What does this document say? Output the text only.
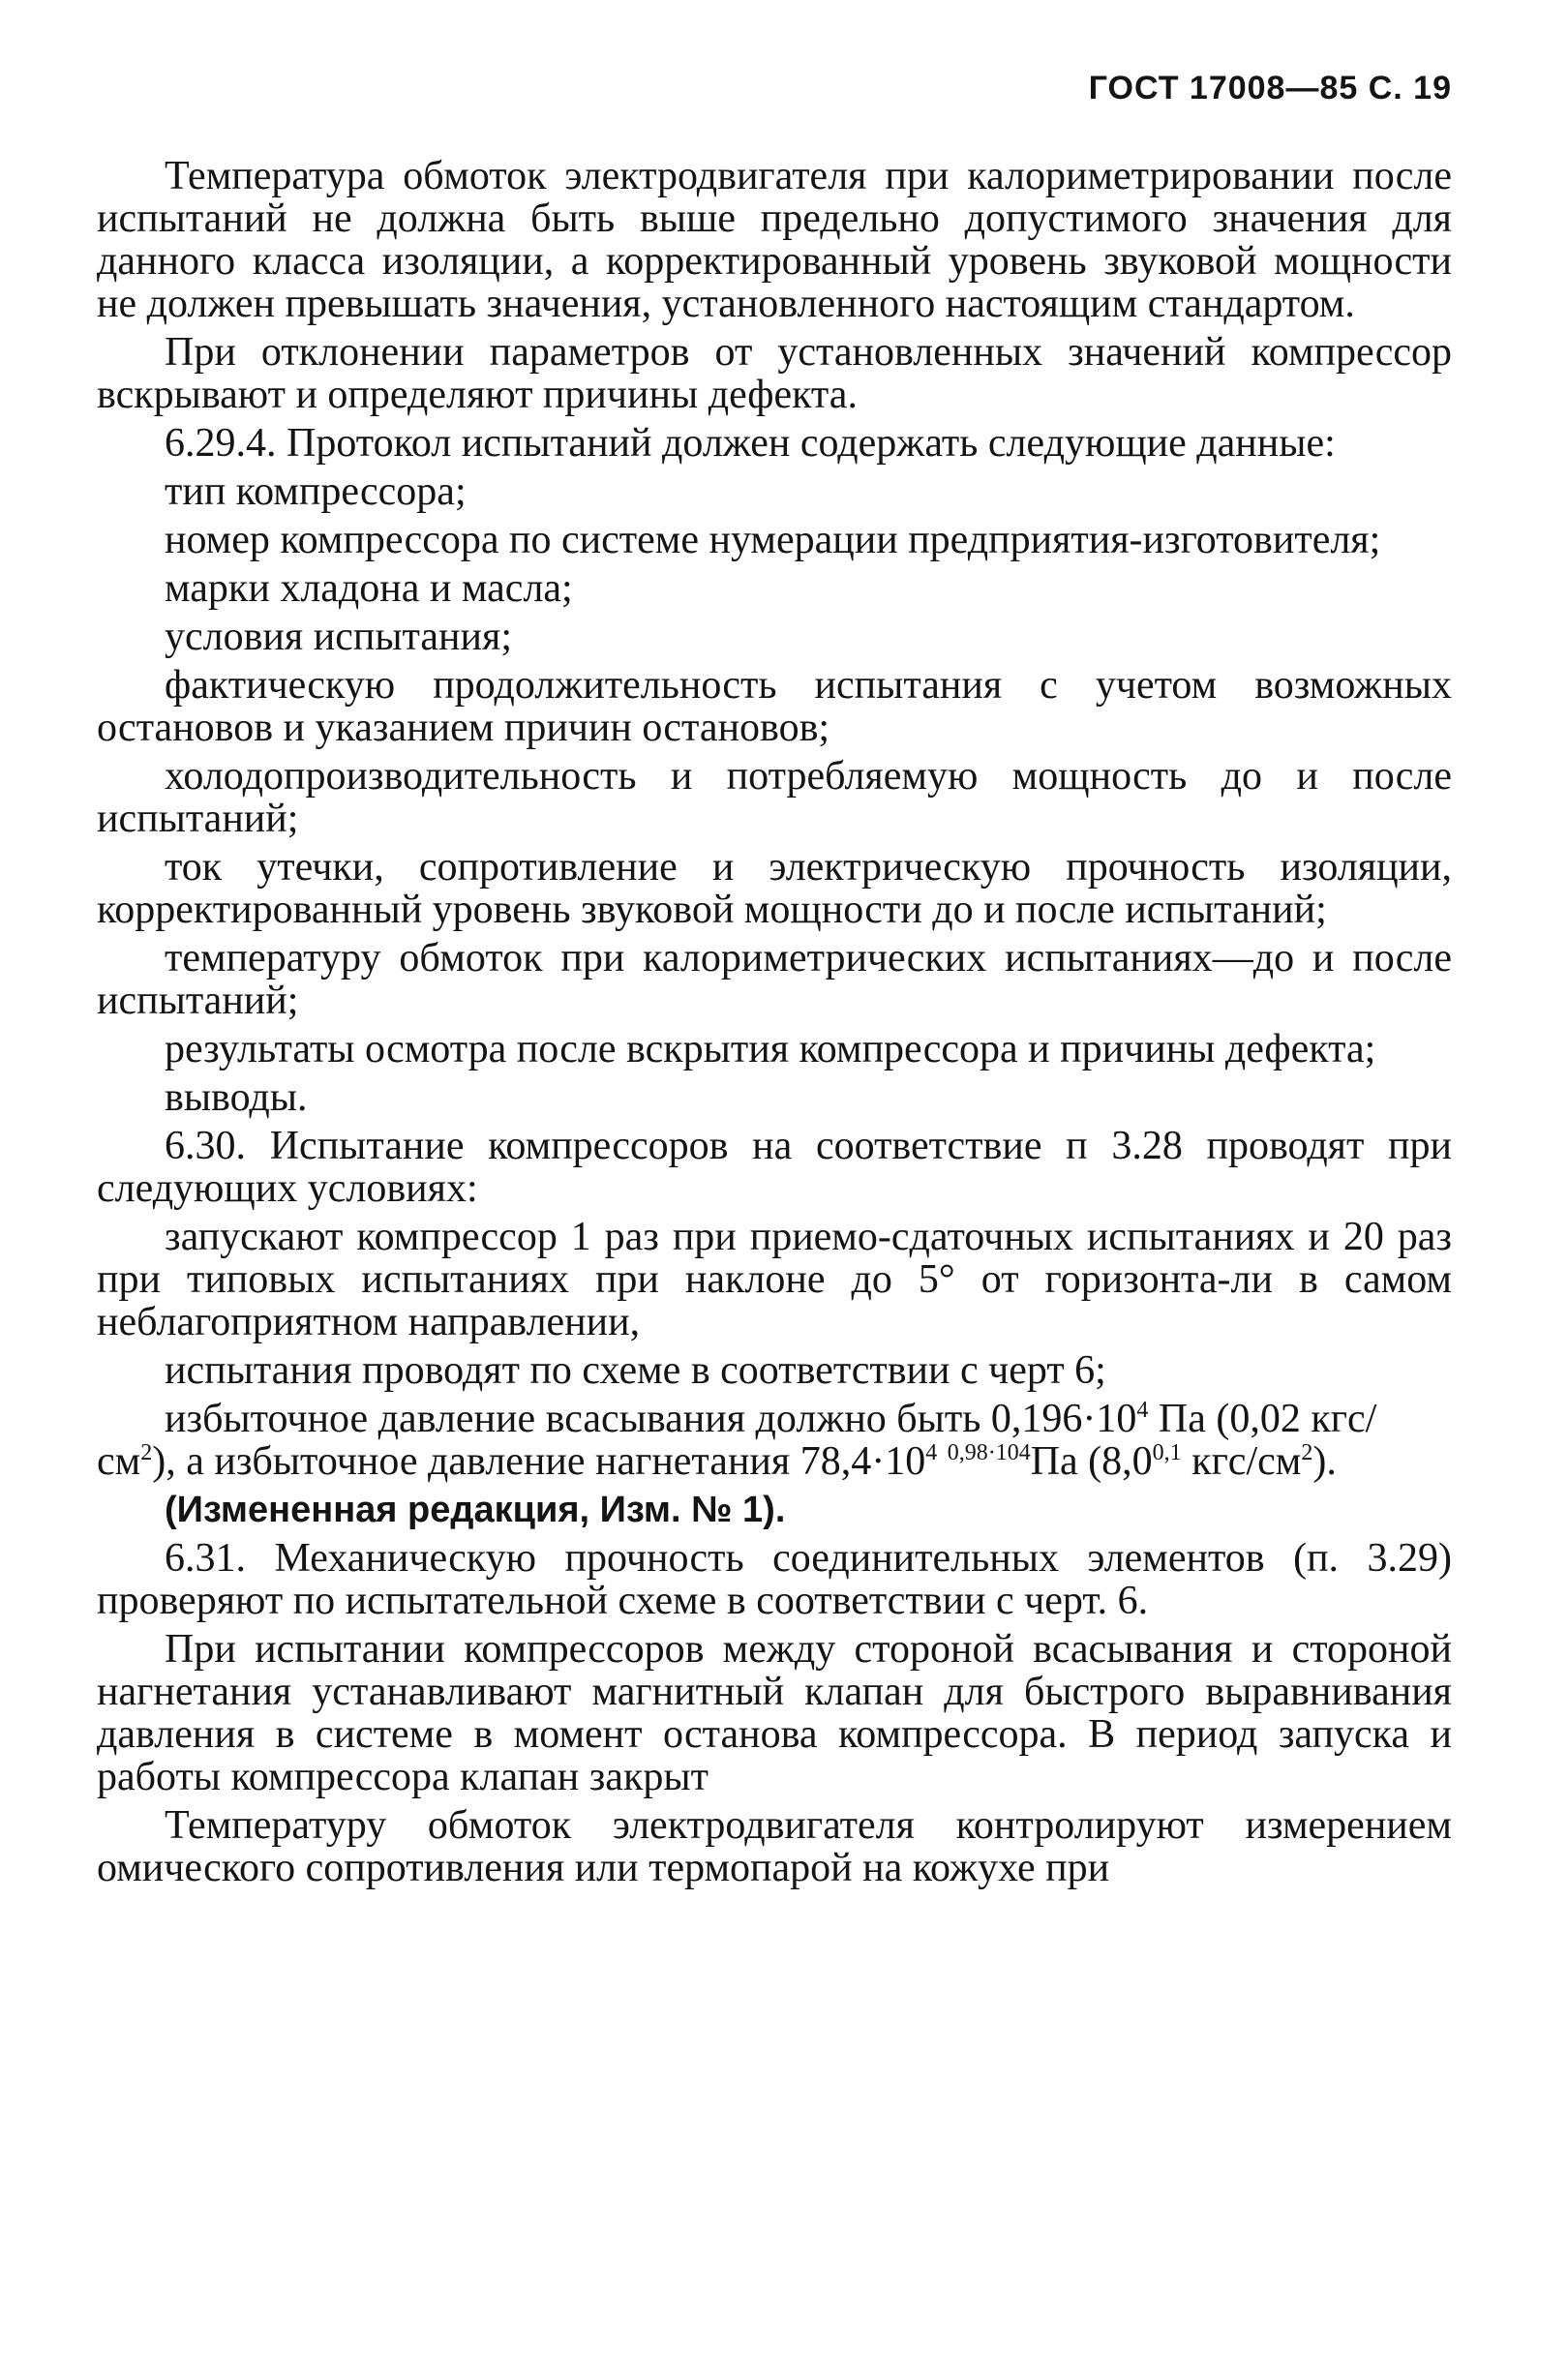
ГОСТ 17008—85 С. 19

Температура обмоток электродвигателя при калориметрировании после испытаний не должна быть выше предельно допустимого значения для данного класса изоляции, а корректированный уровень звуковой мощности не должен превышать значения, установленного настоящим стандартом.

При отклонении параметров от установленных значений компрессор вскрывают и определяют причины дефекта.

6.29.4. Протокол испытаний должен содержать следующие данные:

тип компрессора;

номер компрессора по системе нумерации предприятия-изготовителя;

марки хладона и масла;

условия испытания;

фактическую продолжительность испытания с учетом возможных остановов и указанием причин остановов;

холодопроизводительность и потребляемую мощность до и после испытаний;

ток утечки, сопротивление и электрическую прочность изоляции, корректированный уровень звуковой мощности до и после испытаний;

температуру обмоток при калориметрических испытаниях—до и после испытаний;

результаты осмотра после вскрытия компрессора и причины дефекта;

выводы.

6.30. Испытание компрессоров на соответствие п 3.28 проводят при следующих условиях:

запускают компрессор 1 раз при приемо-сдаточных испытаниях и 20 раз при типовых испытаниях при наклоне до 5° от горизонта-ли в самом неблагоприятном направлении,

испытания проводят по схеме в соответствии с черт 6;

избыточное давление всасывания должно быть $0,196\cdot 10^4$ Па (0,02 кгс/$см^2$), а избыточное давление нагнетания $78,4\cdot 10^4$ $^{0,98\cdot 104}$Па (8,0$^{0,1}$ кгс/$см^2$).

(Измененная редакция, Изм. № 1).

6.31. Механическую прочность соединительных элементов (п. 3.29) проверяют по испытательной схеме в соответствии с черт. 6.

При испытании компрессоров между стороной всасывания и стороной нагнетания устанавливают магнитный клапан для быстрого выравнивания давления в системе в момент останова компрессора. В период запуска и работы компрессора клапан закрыт

Температуру обмоток электродвигателя контролируют измерением омического сопротивления или термопарой на кожухе при
